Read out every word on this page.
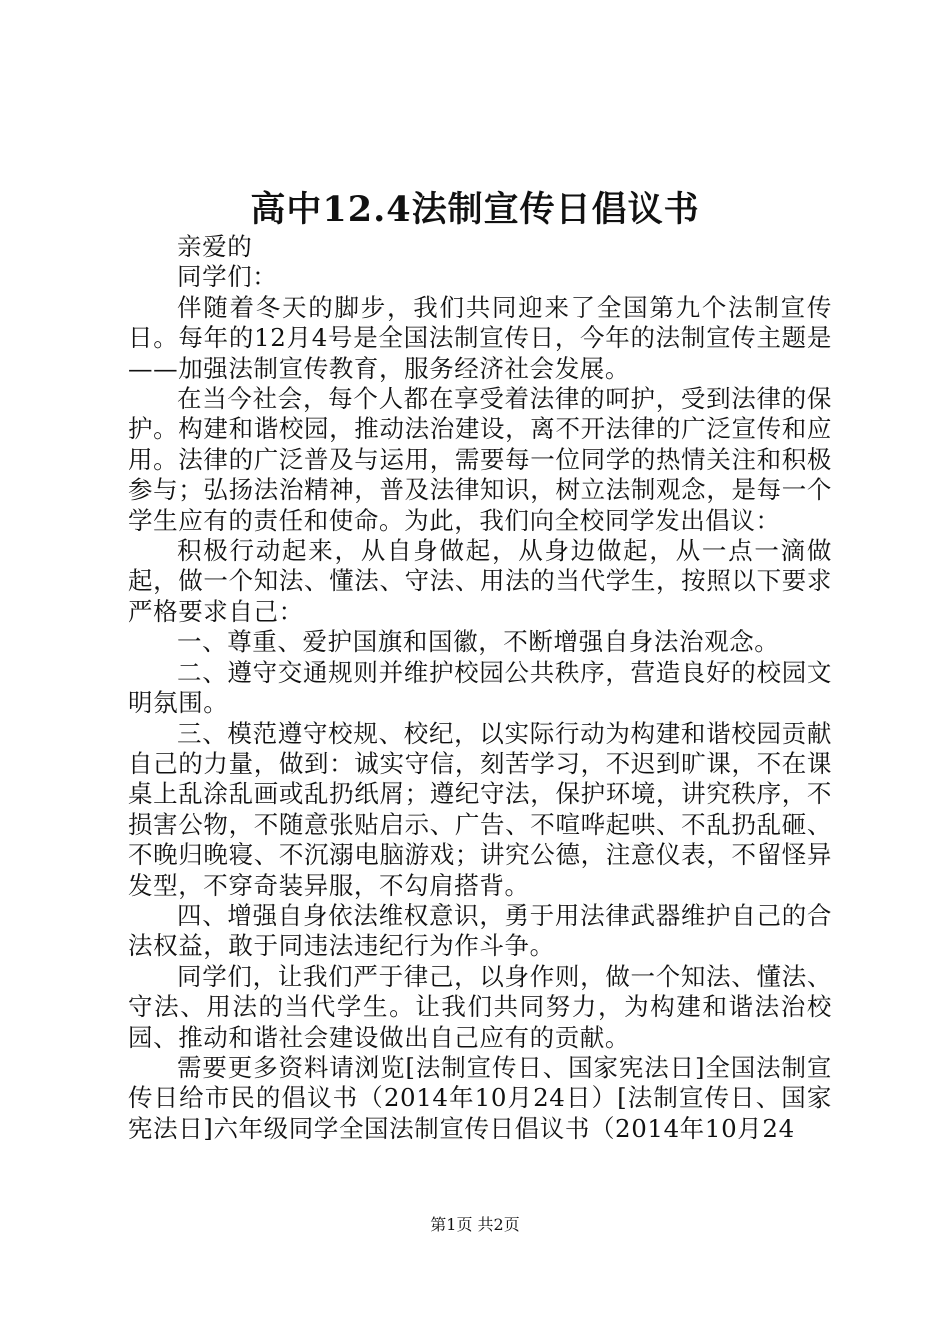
高中12.4法制宣传日倡议书

亲爱的

同学们：

伴随着冬天的脚步，我们共同迎来了全国第九个法制宣传日。每年的12月4号是全国法制宣传日，今年的法制宣传主题是——加强法制宣传教育，服务经济社会发展。

在当今社会，每个人都在享受着法律的呵护，受到法律的保护。构建和谐校园，推动法治建设，离不开法律的广泛宣传和应用。法律的广泛普及与运用，需要每一位同学的热情关注和积极参与；弘扬法治精神，普及法律知识，树立法制观念，是每一个学生应有的责任和使命。为此，我们向全校同学发出倡议：

积极行动起来，从自身做起，从身边做起，从一点一滴做起，做一个知法、懂法、守法、用法的当代学生，按照以下要求严格要求自己：

一、尊重、爱护国旗和国徽，不断增强自身法治观念。

二、遵守交通规则并维护校园公共秩序，营造良好的校园文明氛围。

三、模范遵守校规、校纪，以实际行动为构建和谐校园贡献自己的力量，做到：诚实守信，刻苦学习，不迟到旷课，不在课桌上乱涂乱画或乱扔纸屑；遵纪守法，保护环境，讲究秩序，不损害公物，不随意张贴启示、广告、不喧哗起哄、不乱扔乱砸、不晚归晚寝、不沉溺电脑游戏；讲究公德，注意仪表，不留怪异发型，不穿奇装异服，不勾肩搭背。

四、增强自身依法维权意识，勇于用法律武器维护自己的合法权益，敢于同违法违纪行为作斗争。

同学们，让我们严于律己，以身作则，做一个知法、懂法、守法、用法的当代学生。让我们共同努力，为构建和谐法治校园、推动和谐社会建设做出自己应有的贡献。

需要更多资料请浏览[法制宣传日、国家宪法日]全国法制宣传日给市民的倡议书（2014年10月24日）[法制宣传日、国家宪法日]六年级同学全国法制宣传日倡议书（2014年10月24

第1页 共2页
